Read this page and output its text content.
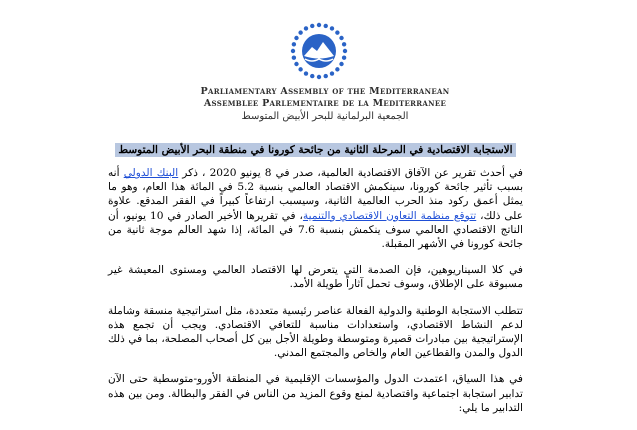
Parliamentary Assembly of the Mediterranean
Assemblee Parlementaire de la Mediterranee
الجمعية البرلمانية للبحر الأبيض المتوسط
الاستجابة الاقتصادية في المرحلة الثانية من جائحة كورونا في منطقة البحر الأبيض المتوسط

في أحدث تقرير عن الآفاق الاقتصادية العالمية، صدر في 8 يونيو 2020 ، ذكر البنك الدولي أنه بسبب تأثير جائحة كورونا، سينكمش الاقتصاد العالمي بنسبة 5.2 في المائة هذا العام، وهو ما يمثل أعمق ركود منذ الحرب العالمية الثانية، وسيسبب ارتفاعاً كبيراً في الفقر المدقع. علاوة على ذلك، تتوقع منظمة التعاون الاقتصادي والتنمية، في تقريرها الأخير الصادر في 10 يونيو، أن الناتج الاقتصادي العالمي سوف ينكمش بنسبة 7.6 في المائة، إذا شهد العالم موجة ثانية من جائحة كورونا في الأشهر المقبلة.

في كلا السيناريوهين، فإن الصدمة التي يتعرض لها الاقتصاد العالمي ومستوى المعيشة غير مسبوقة على الإطلاق، وسوف تحمل آثاراً طويلة الأمد.

تتطلب الاستجابة الوطنية والدولية الفعالة عناصر رئيسية متعددة، مثل استراتيجية منسقة وشاملة لدعم النشاط الاقتصادي، واستعدادات مناسبة للتعافي الاقتصادي. ويجب أن تجمع هذه الإستراتيجية بين مبادرات قصيرة ومتوسطة وطويلة الأجل بين كل أصحاب المصلحة، بما في ذلك الدول والمدن والقطاعين العام والخاص والمجتمع المدني.

في هذا السياق، اعتمدت الدول والمؤسسات الإقليمية في المنطقة الأورو-متوسطية حتى الآن تدابير استجابة اجتماعية واقتصادية لمنع وقوع المزيد من الناس في الفقر والبطالة. ومن بين هذه التدابير ما يلي:
